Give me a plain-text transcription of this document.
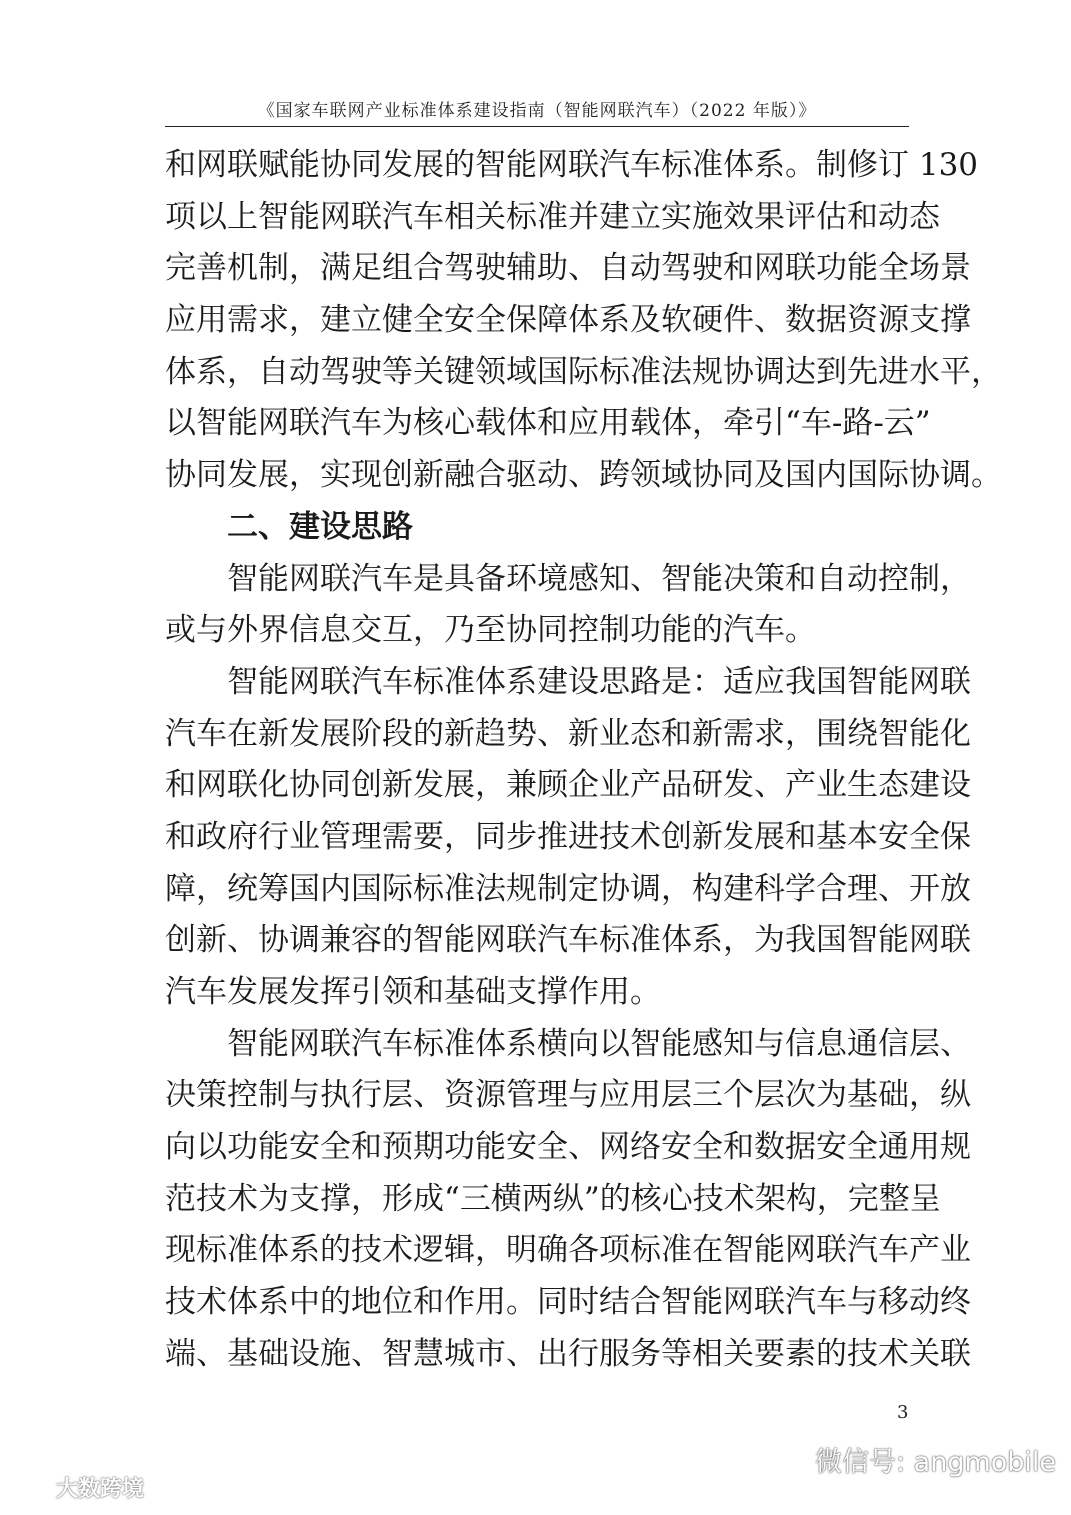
《国家车联网产业标准体系建设指南（智能网联汽车）（2022 年版）》
和网联赋能协同发展的智能网联汽车标准体系。制修订 130
项以上智能网联汽车相关标准并建立实施效果评估和动态
完善机制，满足组合驾驶辅助、自动驾驶和网联功能全场景
应用需求，建立健全安全保障体系及软硬件、数据资源支撑
体系，自动驾驶等关键领域国际标准法规协调达到先进水平，
以智能网联汽车为核心载体和应用载体，牵引“车-路-云”
协同发展，实现创新融合驱动、跨领域协同及国内国际协调。
二、建设思路
智能网联汽车是具备环境感知、智能决策和自动控制，
或与外界信息交互，乃至协同控制功能的汽车。
智能网联汽车标准体系建设思路是：适应我国智能网联
汽车在新发展阶段的新趋势、新业态和新需求，围绕智能化
和网联化协同创新发展，兼顾企业产品研发、产业生态建设
和政府行业管理需要，同步推进技术创新发展和基本安全保
障，统筹国内国际标准法规制定协调，构建科学合理、开放
创新、协调兼容的智能网联汽车标准体系，为我国智能网联
汽车发展发挥引领和基础支撑作用。
智能网联汽车标准体系横向以智能感知与信息通信层、
决策控制与执行层、资源管理与应用层三个层次为基础，纵
向以功能安全和预期功能安全、网络安全和数据安全通用规
范技术为支撑，形成“三横两纵”的核心技术架构，完整呈
现标准体系的技术逻辑，明确各项标准在智能网联汽车产业
技术体系中的地位和作用。同时结合智能网联汽车与移动终
端、基础设施、智慧城市、出行服务等相关要素的技术关联
3
微信号: angmobile
大数跨境
